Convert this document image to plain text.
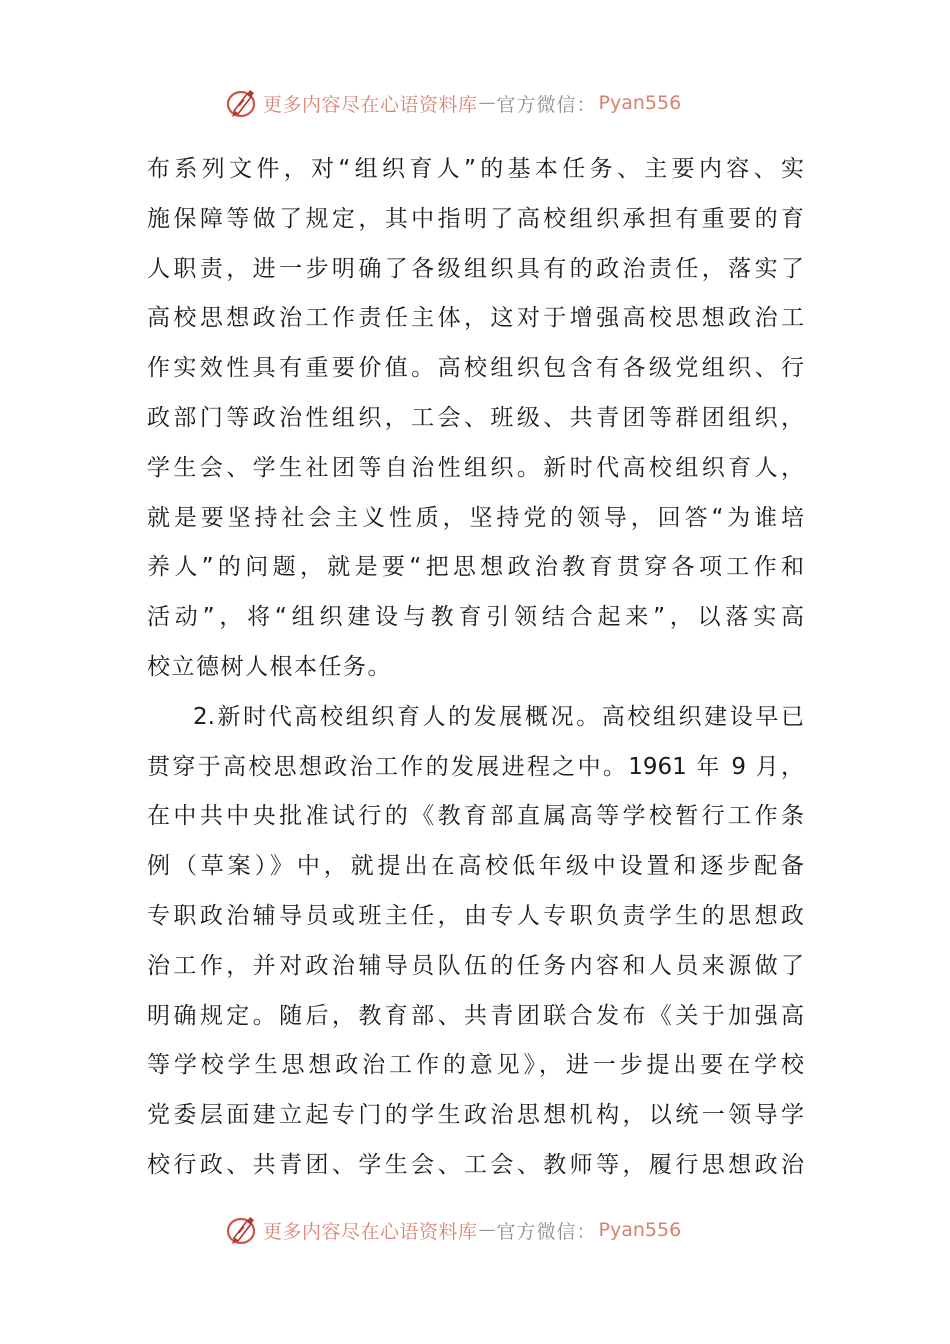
更多内容尽在心语资料库 — 官方微信： Pyan556
布系列文件，对“组织育人”的基本任务、主要内容、实
施保障等做了规定，其中指明了高校组织承担有重要的育
人职责，进一步明确了各级组织具有的政治责任，落实了
高校思想政治工作责任主体，这对于增强高校思想政治工
作实效性具有重要价值。高校组织包含有各级党组织、行
政部门等政治性组织，工会、班级、共青团等群团组织，
学生会、学生社团等自治性组织。新时代高校组织育人，
就是要坚持社会主义性质，坚持党的领导，回答“为谁培
养人”的问题，就是要“把思想政治教育贯穿各项工作和
活动”，将“组织建设与教育引领结合起来”，以落实高
校立德树人根本任务。
2.新时代高校组织育人的发展概况。高校组织建设早已
贯穿于高校思想政治工作的发展进程之中。1961 年 9 月，
在中共中央批准试行的《教育部直属高等学校暂行工作条
例（草案）》中，就提出在高校低年级中设置和逐步配备
专职政治辅导员或班主任，由专人专职负责学生的思想政
治工作，并对政治辅导员队伍的任务内容和人员来源做了
明确规定。随后，教育部、共青团联合发布《关于加强高
等学校学生思想政治工作的意见》，进一步提出要在学校
党委层面建立起专门的学生政治思想机构，以统一领导学
校行政、共青团、学生会、工会、教师等，履行思想政治
更多内容尽在心语资料库 — 官方微信： Pyan556
